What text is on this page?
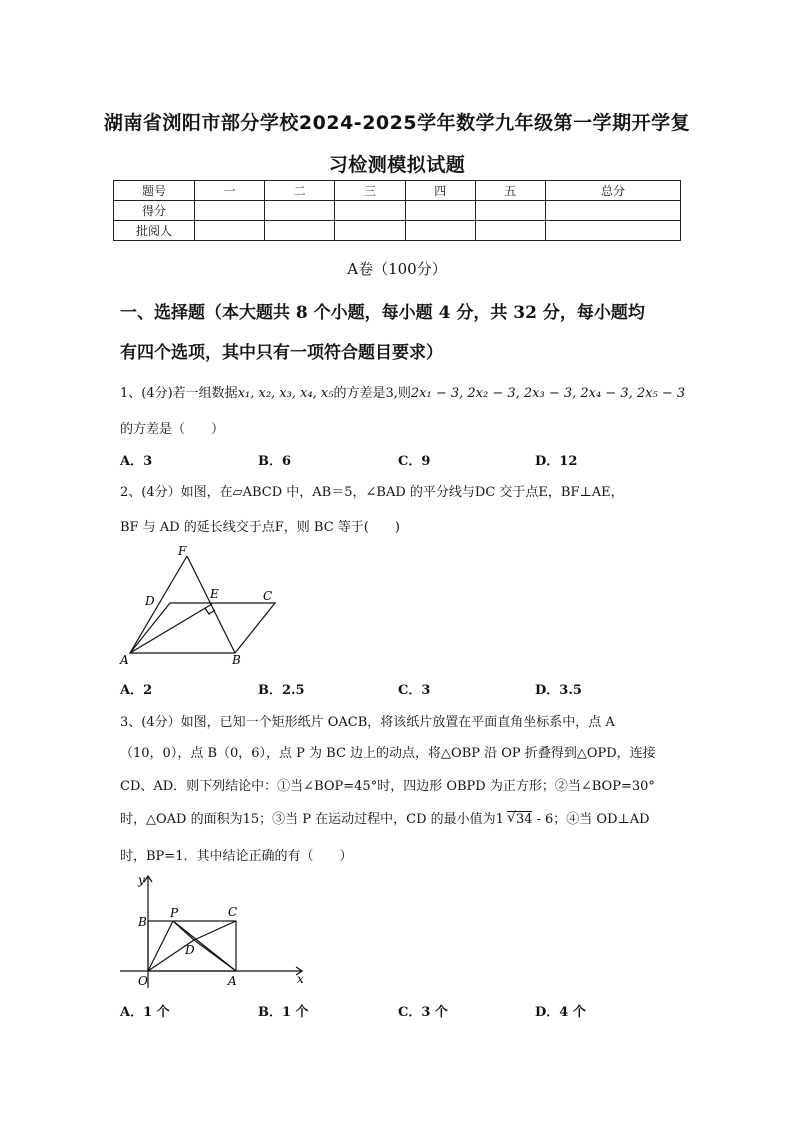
湖南省浏阳市部分学校2024-2025学年数学九年级第一学期开学复
习检测模拟试题
题号	一	二	三	四	五	总分
得分						
批阅人						
A卷（100分）
一、选择题（本大题共 8 个小题，每小题 4 分，共 32 分，每小题均
有四个选项，其中只有一项符合题目要求）
1、(4分)若一组数据x₁, x₂, x₃, x₄, x₅的方差是3,则2x₁ − 3, 2x₂ − 3, 2x₃ − 3, 2x₄ − 3, 2x₅ − 3
的方差是（　　）
A．3	B．6	C．9	D．12
2、(4分）如图，在▱ABCD 中，AB＝5，∠BAD 的平分线与DC 交于点E，BF⊥AE，
BF 与 AD 的延长线交于点F，则 BC 等于(　　)
F
D	E	C
A	B
A．2	B．2.5	C．3	D．3.5
3、(4分）如图，已知一个矩形纸片 OACB，将该纸片放置在平面直角坐标系中，点 A
（10，0），点 B（0，6），点 P 为 BC 边上的动点，将△OBP 沿 OP 折叠得到△OPD，连接
CD、AD．则下列结论中：①当∠BOP=45°时，四边形 OBPD 为正方形；②当∠BOP=30°
时，△OAD 的面积为15；③当 P 在运动过程中，CD 的最小值为1 √ 34 - 6；④当 OD⊥AD
时，BP=1．其中结论正确的有（　　）
y
B
P	C
D
O	A	x
A．1 个	B．1 个	C．3 个	D．4 个
